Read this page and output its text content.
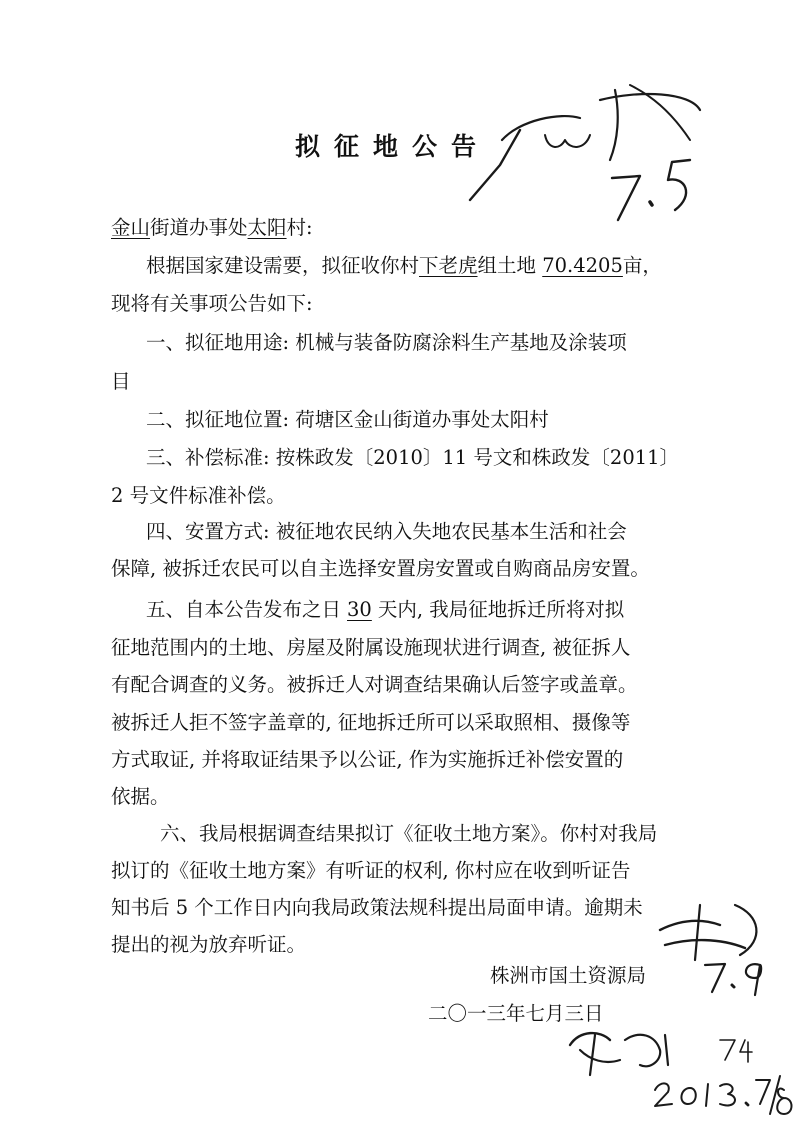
拟征地公告
金山街道办事处太阳村:
根据国家建设需要，拟征收你村下老虎组土地 70.4205亩，
现将有关事项公告如下:
一、拟征地用途: 机械与装备防腐涂料生产基地及涂装项
目
二、拟征地位置: 荷塘区金山街道办事处太阳村
三、补偿标准: 按株政发〔2010〕11 号文和株政发〔2011〕
2 号文件标准补偿。
四、安置方式: 被征地农民纳入失地农民基本生活和社会
保障, 被拆迁农民可以自主选择安置房安置或自购商品房安置。
五、自本公告发布之日 30 天内, 我局征地拆迁所将对拟
征地范围内的土地、房屋及附属设施现状进行调查, 被征拆人
有配合调查的义务。被拆迁人对调查结果确认后签字或盖章。
被拆迁人拒不签字盖章的, 征地拆迁所可以采取照相、摄像等
方式取证, 并将取证结果予以公证, 作为实施拆迁补偿安置的
依据。
六、我局根据调查结果拟订《征收土地方案》。你村对我局
拟订的《征收土地方案》有听证的权利, 你村应在收到听证告
知书后 5 个工作日内向我局政策法规科提出局面申请。逾期未
提出的视为放弃听证。
株洲市国土资源局
二〇一三年七月三日
